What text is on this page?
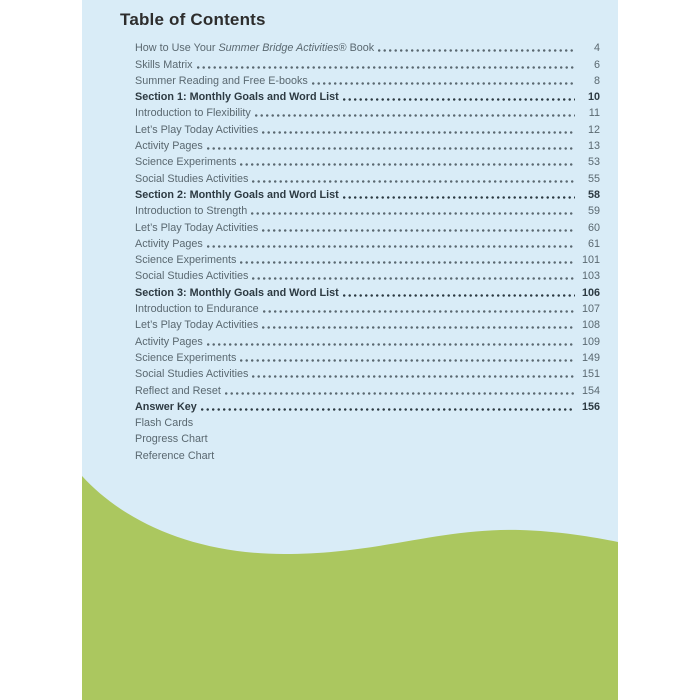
Table of Contents
How to Use Your Summer Bridge Activities® Book	4
Skills Matrix	6
Summer Reading and Free E-books	8
Section 1: Monthly Goals and Word List	10
Introduction to Flexibility	11
Let’s Play Today Activities	12
Activity Pages	13
Science Experiments	53
Social Studies Activities	55
Section 2: Monthly Goals and Word List	58
Introduction to Strength	59
Let’s Play Today Activities	60
Activity Pages	61
Science Experiments	101
Social Studies Activities	103
Section 3: Monthly Goals and Word List	106
Introduction to Endurance	107
Let’s Play Today Activities	108
Activity Pages	109
Science Experiments	149
Social Studies Activities	151
Reflect and Reset	154
Answer Key	156
Flash Cards
Progress Chart
Reference Chart
